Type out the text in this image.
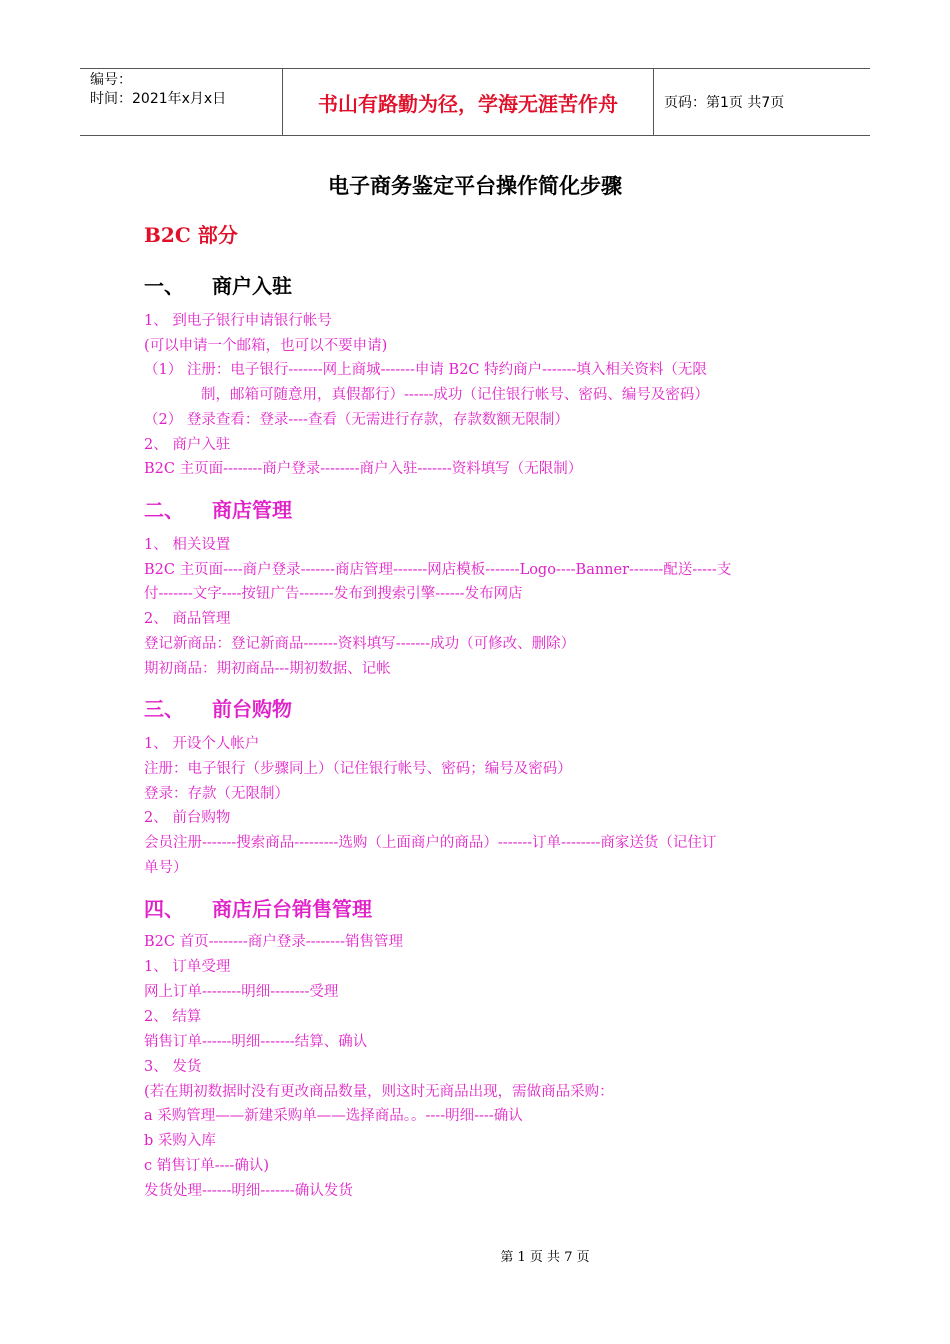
编号：
时间：2021年x月x日	书山有路勤为径，学海无涯苦作舟	页码：第1页 共7页
电子商务鉴定平台操作简化步骤
B2C 部分
一、 商户入驻
1、 到电子银行申请银行帐号
(可以申请一个邮箱，也可以不要申请)
（1） 注册：电子银行-------网上商城-------申请 B2C 特约商户-------填入相关资料（无限
制，邮箱可随意用，真假都行）------成功（记住银行帐号、密码、编号及密码）
（2） 登录查看：登录----查看（无需进行存款，存款数额无限制）
2、 商户入驻
B2C 主页面--------商户登录--------商户入驻-------资料填写（无限制）
二、 商店管理
1、 相关设置
B2C 主页面----商户登录-------商店管理-------网店模板-------Logo----Banner-------配送-----支
付-------文字----按钮广告-------发布到搜索引擎------发布网店
2、 商品管理
登记新商品：登记新商品-------资料填写-------成功（可修改、删除）
期初商品：期初商品---期初数据、记帐
三、 前台购物
1、 开设个人帐户
注册：电子银行（步骤同上）（记住银行帐号、密码；编号及密码）
登录：存款（无限制）
2、 前台购物
会员注册-------搜索商品---------选购（上面商户的商品）-------订单--------商家送货（记住订
单号）
四、 商店后台销售管理
B2C 首页--------商户登录--------销售管理
1、 订单受理
网上订单--------明细--------受理
2、 结算
销售订单------明细-------结算、确认
3、 发货
(若在期初数据时没有更改商品数量，则这时无商品出现，需做商品采购：
a 采购管理——新建采购单——选择商品。。----明细----确认
b 采购入库
c 销售订单----确认)
发货处理------明细-------确认发货
第 1 页 共 7 页
